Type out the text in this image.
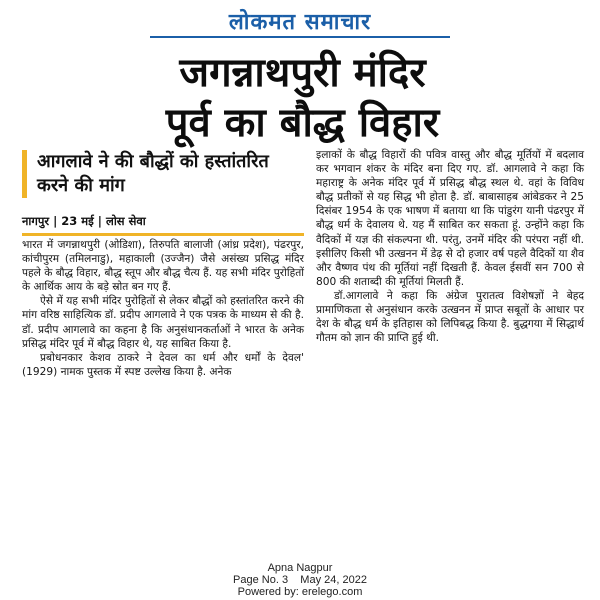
लोकमत समाचार
जगन्नाथपुरी मंदिर
पूर्व का बौद्ध विहार
आगलावे ने की बौद्धों को हस्तांतरित करने की मांग
नागपुर | 23 मई | लोस सेवा

भारत में जगन्नाथपुरी (ओडिशा), तिरुपति बालाजी (आंध्र प्रदेश), पंढरपुर, कांचीपुरम (तमिलनाडु), महाकाली (उज्जैन) जैसे असंख्य प्रसिद्ध मंदिर पहले के बौद्ध विहार, बौद्ध स्तूप और बौद्ध चैत्य हैं. यह सभी मंदिर पुरोहितों के आर्थिक आय के बड़े स्रोत बन गए हैं.

ऐसे में यह सभी मंदिर पुरोहितों से लेकर बौद्धों को हस्तांतरित करने की मांग वरिष्ठ साहित्यिक डॉ. प्रदीप आगलावे ने एक पत्रक के माध्यम से की है. डॉ. प्रदीप आगलावे का कहना है कि अनुसंधानकर्ताओं ने भारत के अनेक प्रसिद्ध मंदिर पूर्व में बौद्ध विहार थे, यह साबित किया है.

प्रबोधनकार केशव ठाकरे ने देवल का धर्म और धर्मों के देवल' (1929) नामक पुस्तक में स्पष्ट उल्लेख किया है. अनेक

इलाकों के बौद्ध विहारों की पवित्र वास्तु और बौद्ध मूर्तियों में बदलाव कर भगवान शंकर के मंदिर बना दिए गए. डॉ. आगलावे ने कहा कि महाराष्ट्र के अनेक मंदिर पूर्व में प्रसिद्ध बौद्ध स्थल थे. वहां के विविध बौद्ध प्रतीकों से यह सिद्ध भी होता है. डॉ. बाबासाहब आंबेडकर ने 25 दिसंबर 1954 के एक भाषण में बताया था कि पांडुरंग यानी पंढरपुर में बौद्ध धर्म के देवालय थे. यह मैं साबित कर सकता हूं. उन्होंने कहा कि वैदिकों में यज्ञ की संकल्पना थी. परंतु, उनमें मंदिर की परंपरा नहीं थी. इसीलिए किसी भी उत्खनन में डेढ़ से दो हजार वर्ष पहले वैदिकों या शैव और वैष्णव पंथ की मूर्तियां नहीं दिखती हैं. केवल ईसवीं सन 700 से 800 की शताब्दी की मूर्तियां मिलती हैं.

डॉ.आगलावे ने कहा कि अंग्रेज पुरातत्व विशेषज्ञों ने बेहद प्रामाणिकता से अनुसंधान करके उत्खनन में प्राप्त सबूतों के आधार पर देश के बौद्ध धर्म के इतिहास को लिपिबद्ध किया है. बुद्धगया में सिद्धार्थ गौतम को ज्ञान की प्राप्ति हुई थी.

Apna Nagpur
Page No. 3    May 24, 2022
Powered by: erelego.com
